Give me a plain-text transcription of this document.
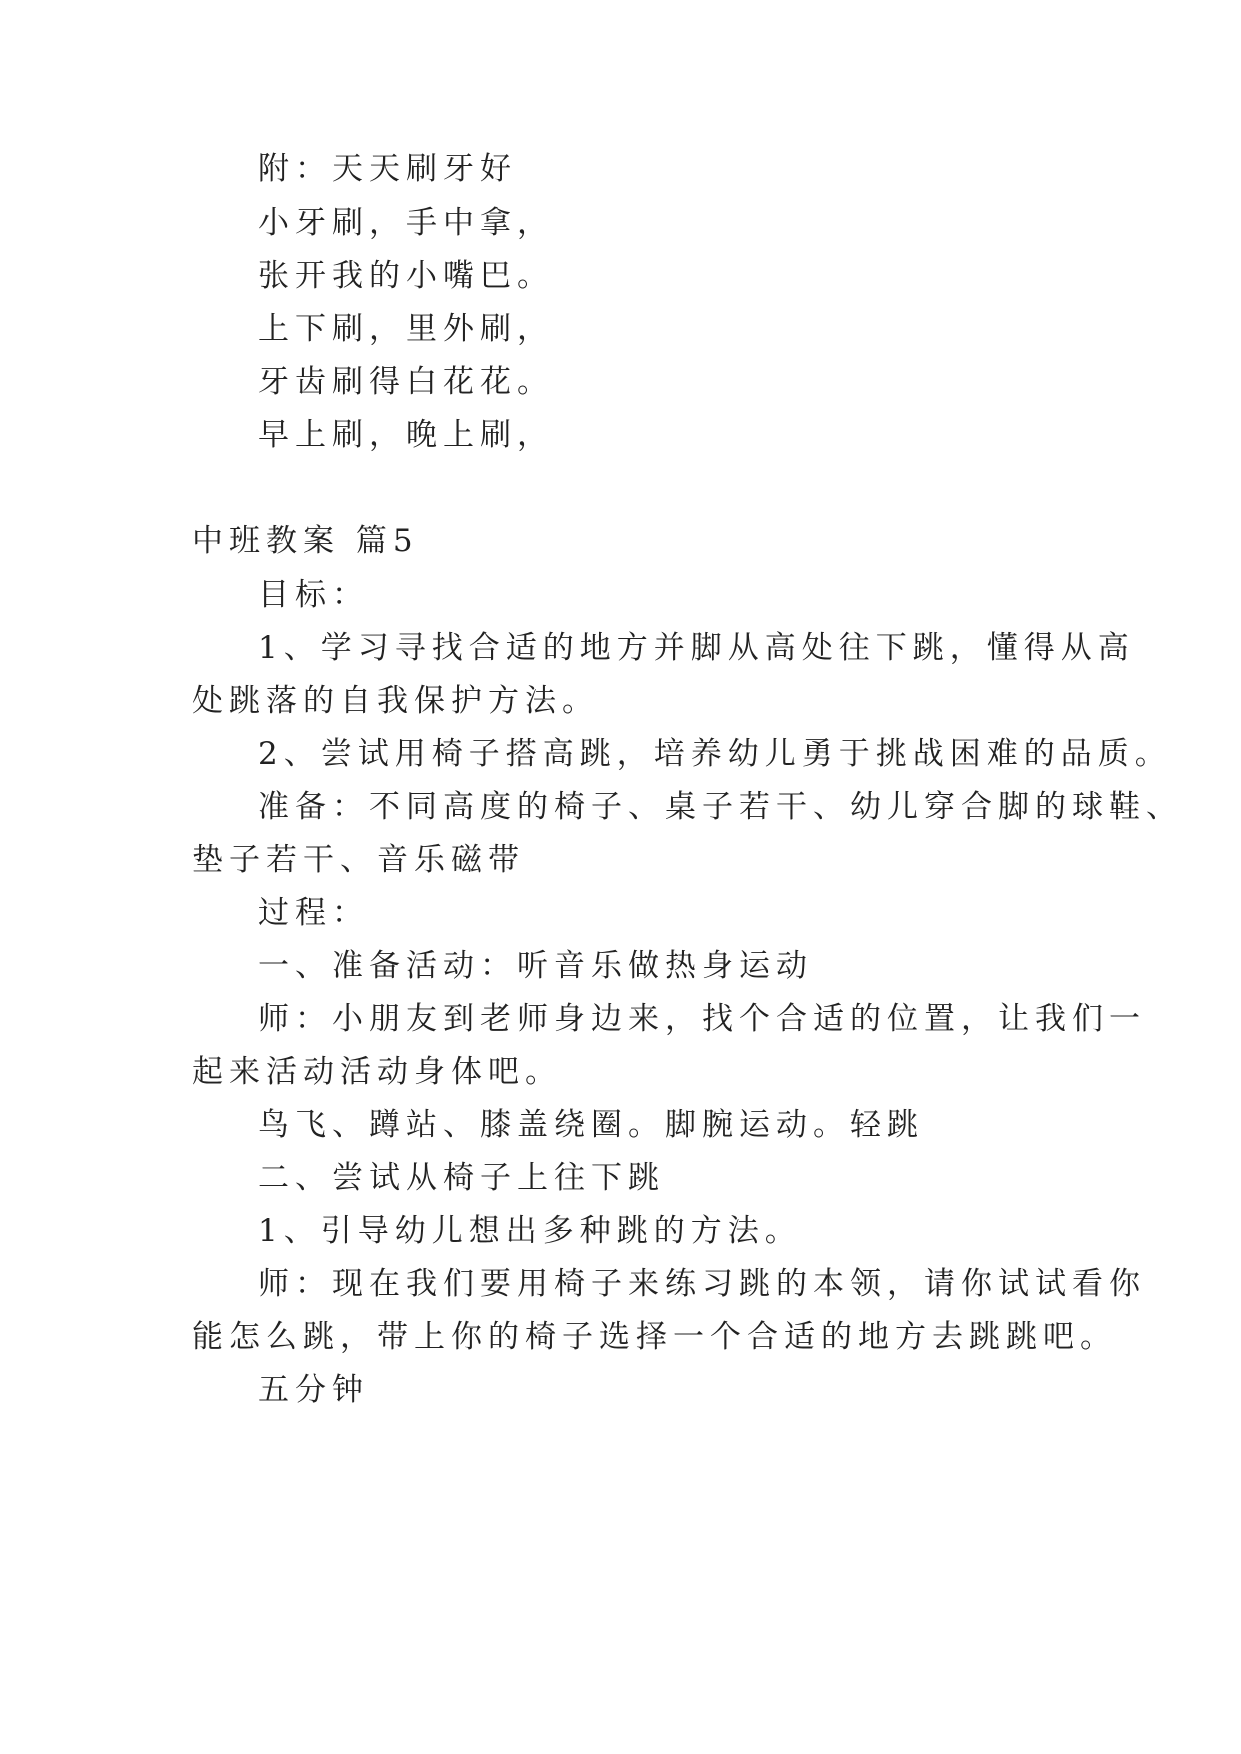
附：天天刷牙好
小牙刷，手中拿，
张开我的小嘴巴。
上下刷，里外刷，
牙齿刷得白花花。
早上刷，晚上刷，
中班教案 篇5
目标：
1、学习寻找合适的地方并脚从高处往下跳，懂得从高
处跳落的自我保护方法。
2、尝试用椅子搭高跳，培养幼儿勇于挑战困难的品质。
准备：不同高度的椅子、桌子若干、幼儿穿合脚的球鞋、
垫子若干、音乐磁带
过程：
一、准备活动：听音乐做热身运动
师：小朋友到老师身边来，找个合适的位置，让我们一
起来活动活动身体吧。
鸟飞、蹲站、膝盖绕圈。脚腕运动。轻跳
二、尝试从椅子上往下跳
1、引导幼儿想出多种跳的方法。
师：现在我们要用椅子来练习跳的本领，请你试试看你
能怎么跳，带上你的椅子选择一个合适的地方去跳跳吧。
五分钟
